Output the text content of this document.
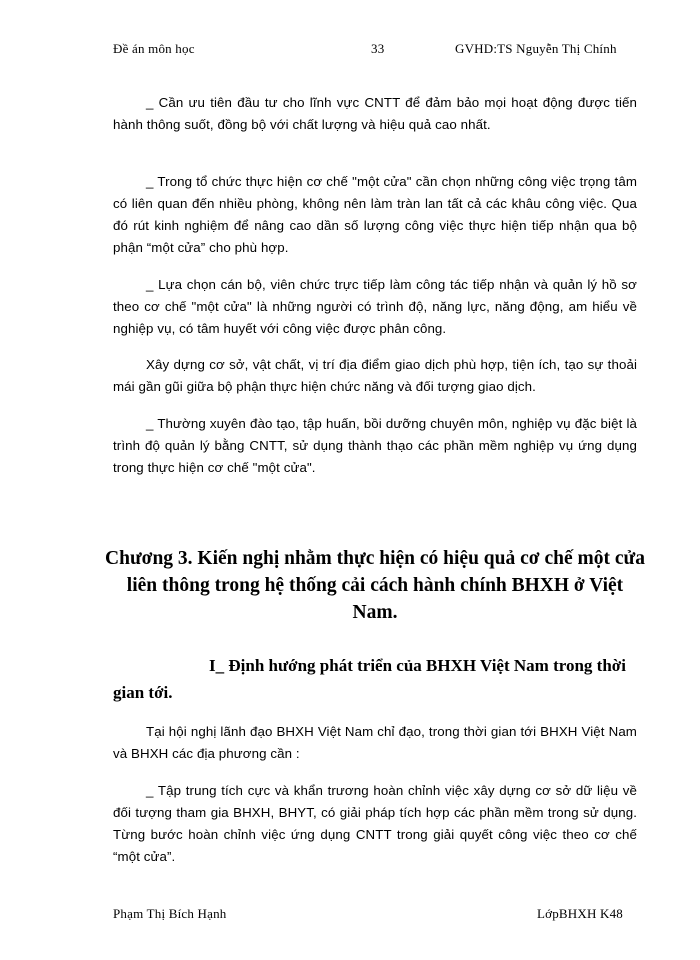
Đề án môn học	33	GVHD:TS Nguyễn Thị Chính

_ Cần ưu tiên đầu tư cho lĩnh vực CNTT để đảm bảo mọi hoạt động được tiến hành thông suốt, đồng bộ với chất lượng và hiệu quả cao nhất.

_ Trong tổ chức thực hiện cơ chế "một cửa" cần chọn những công việc trọng tâm có liên quan đến nhiều phòng, không nên làm tràn lan tất cả các khâu công việc. Qua đó rút kinh nghiệm để nâng cao dần số lượng công việc thực hiện tiếp nhận qua bộ phận “một cửa” cho phù hợp.

_ Lựa chọn cán bộ, viên chức trực tiếp làm công tác tiếp nhận và quản lý hồ sơ theo cơ chế "một cửa" là những người có trình độ, năng lực, năng động, am hiểu về nghiệp vụ, có tâm huyết với công việc được phân công.

Xây dựng cơ sở, vật chất, vị trí địa điểm giao dịch phù hợp, tiện ích, tạo sự thoải mái gần gũi giữa bộ phận thực hiện chức năng và đối tượng giao dịch.

_ Thường xuyên đào tạo, tập huấn, bồi dưỡng chuyên môn, nghiệp vụ đặc biệt là trình độ quản lý bằng CNTT, sử dụng thành thạo các phần mềm nghiệp vụ ứng dụng trong thực hiện cơ chế "một cửa".

Chương 3. Kiến nghị nhằm thực hiện có hiệu quả cơ chế một cửa liên thông trong hệ thống cải cách hành chính BHXH ở Việt Nam.
I_ Định hướng phát triển của BHXH Việt Nam trong thời gian tới.

Tại hội nghị lãnh đạo BHXH Việt Nam chỉ đạo, trong thời gian tới BHXH Việt Nam và BHXH các địa phương cần :

_ Tập trung tích cực và khẩn trương hoàn chỉnh việc xây dựng cơ sở dữ liệu về đối tượng tham gia BHXH, BHYT, có giải pháp tích hợp các phần mềm trong sử dụng. Từng bước hoàn chỉnh việc ứng dụng CNTT trong giải quyết công việc theo cơ chế “một cửa”.

Phạm Thị Bích Hạnh	LớpBHXH K48
